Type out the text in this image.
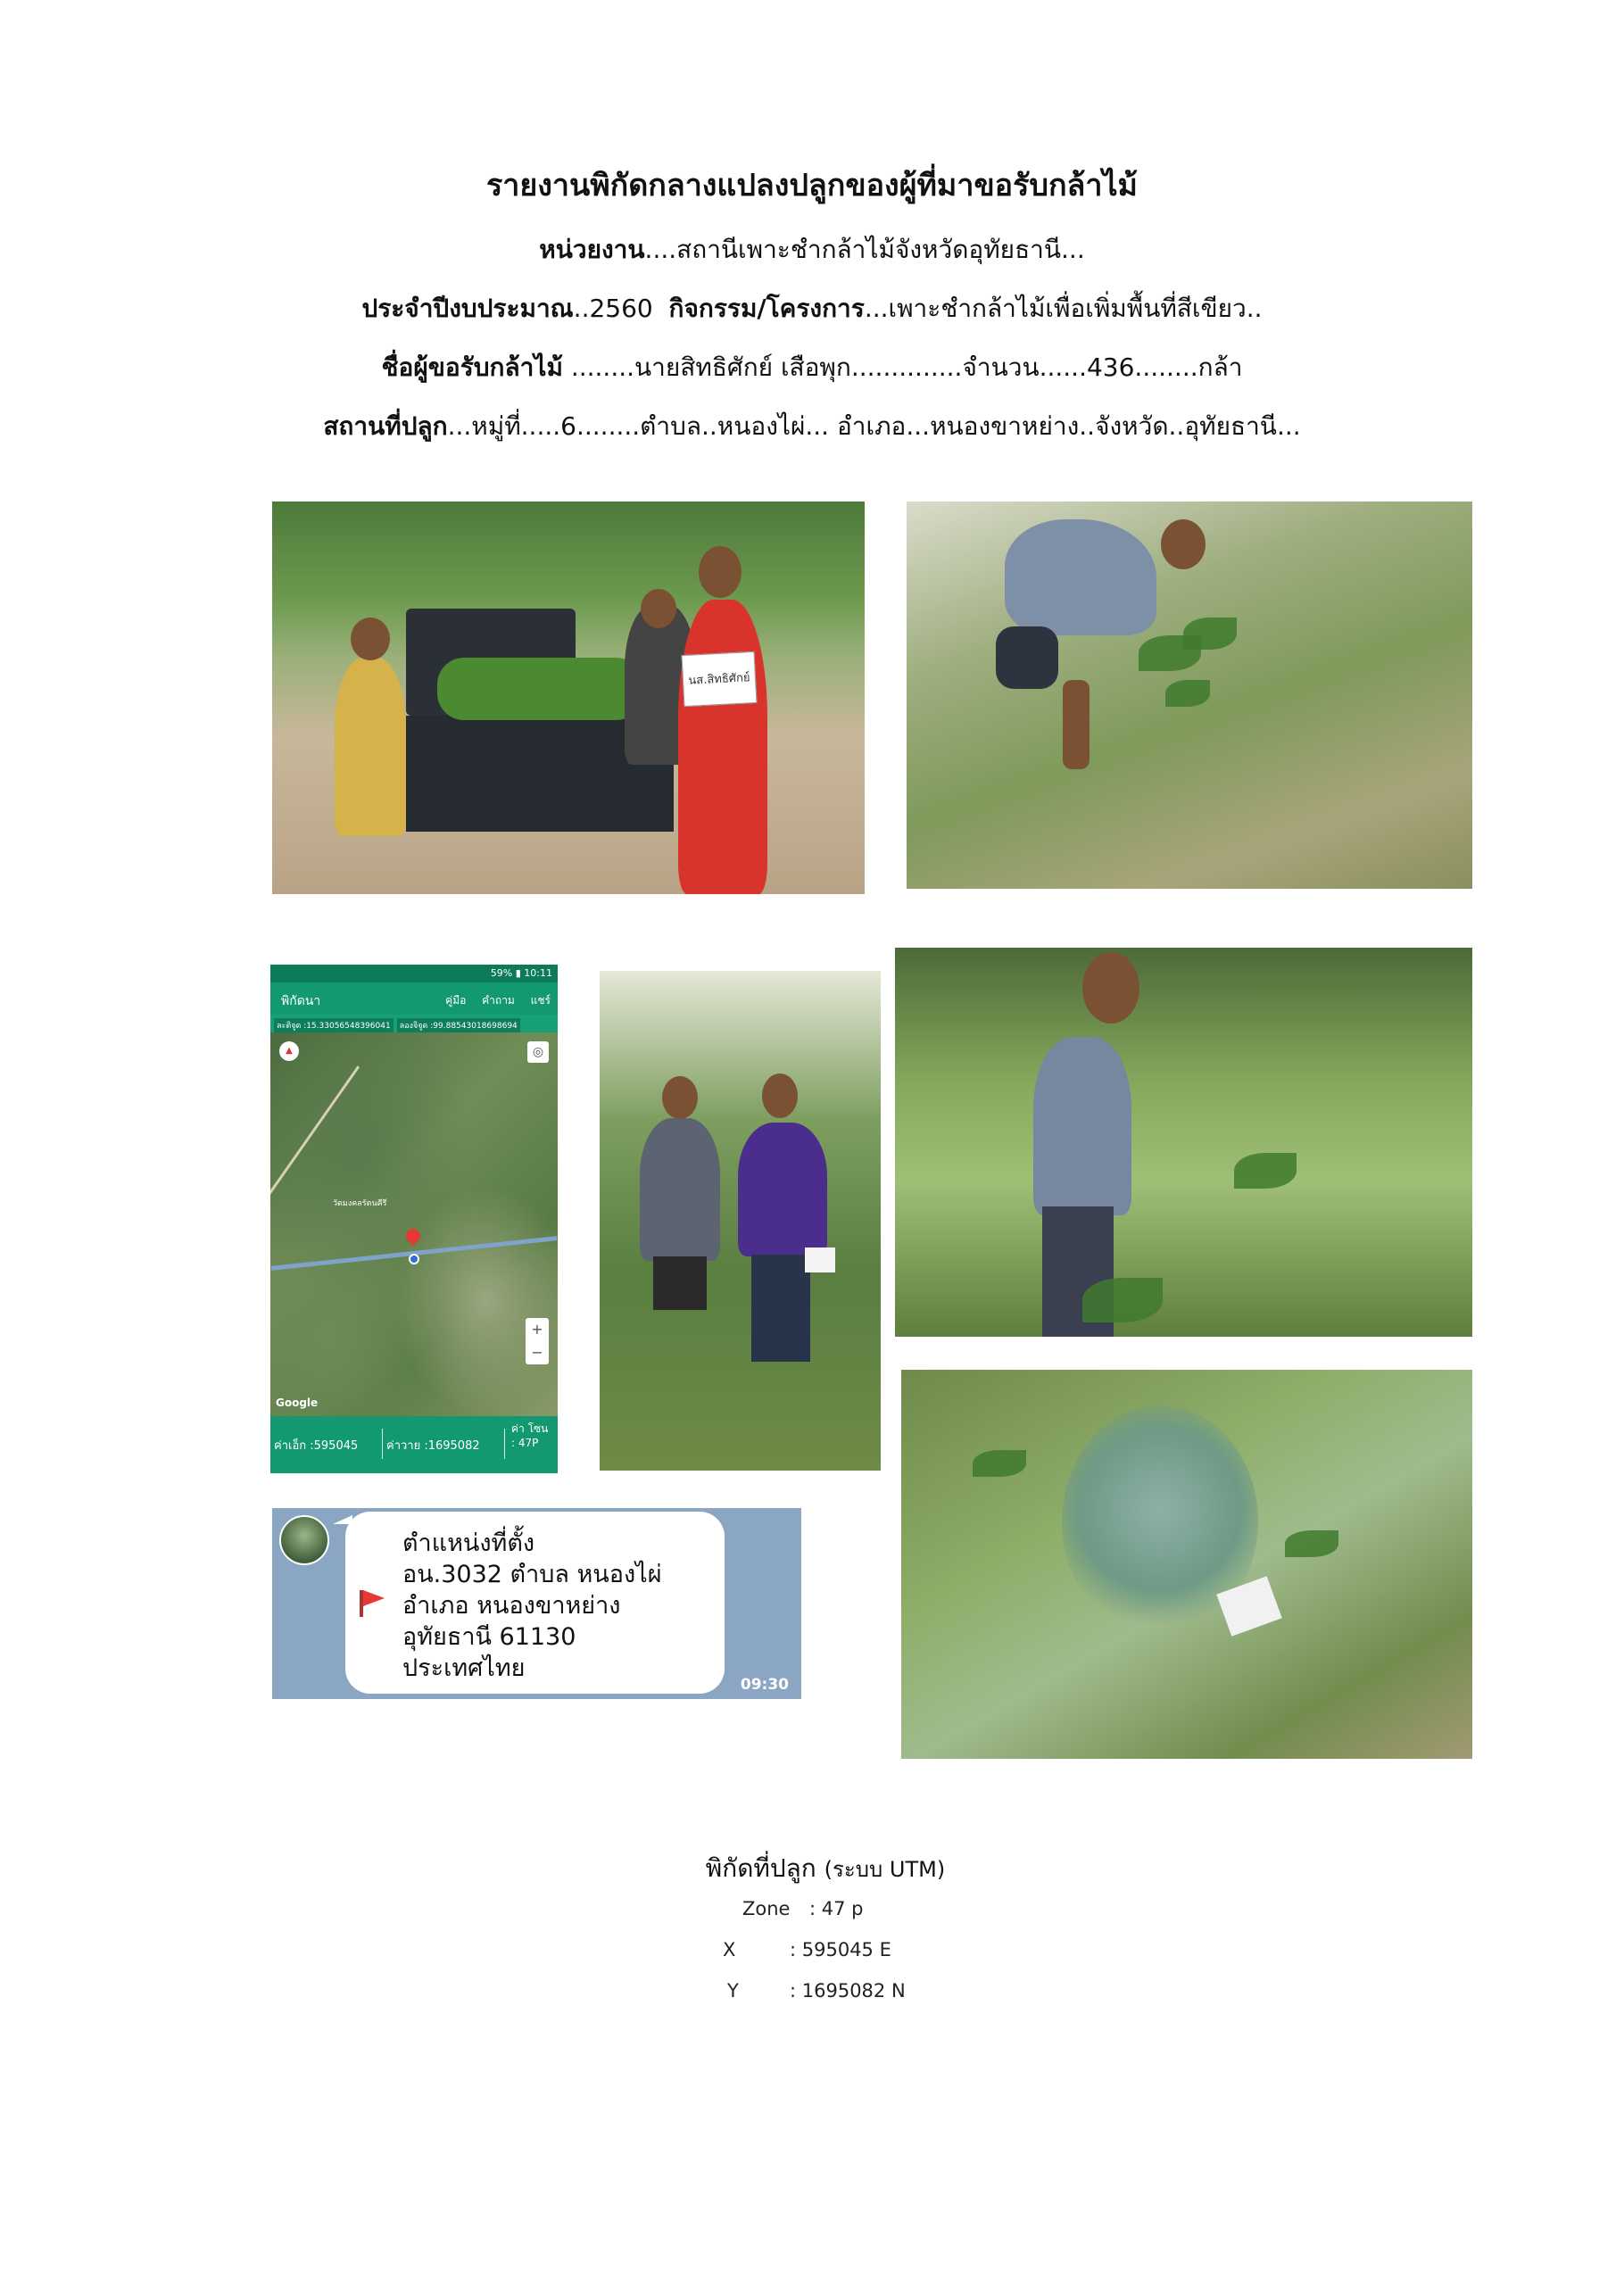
รายงานพิกัดกลางแปลงปลูกของผู้ที่มาขอรับกล้าไม้
หน่วยงาน....สถานีเพาะชำกล้าไม้จังหวัดอุทัยธานี...
ประจำปีงบประมาณ..2560 กิจกรรม/โครงการ...เพาะชำกล้าไม้เพื่อเพิ่มพื้นที่สีเขียว..
ชื่อผู้ขอรับกล้าไม้ ........นายสิทธิศักย์ เสือพุก..............จำนวน......436........กล้า
สถานที่ปลูก...หมู่ที่.....6........ตำบล..หนองไผ่... อำเภอ...หนองขาหย่าง..จังหวัด..อุทัยธานี...
นส.สิทธิศักย์
59% ▮ 10:11
พิกัดนา	คู่มือ คำถาม แชร์
ละติจูด :15.330565483960​41 ลองจิจูด :99.885430186986​94
วัดมงคลรัตนคีรี
▲	◎
+
−
Google
ค่าเอ็ก :595045 ค่าวาย :1695082
ค่า โซน : 47P
ตำแหน่งที่ตั้ง
อน.3032 ตำบล หนองไผ่
อำเภอ หนองขาหย่าง
อุทัยธานี 61130
ประเทศไทย
09:30
พิกัดที่ปลูก (ระบบ UTM)
Zone : 47 p
X	: 595045 E
Y	: 1695082 N
